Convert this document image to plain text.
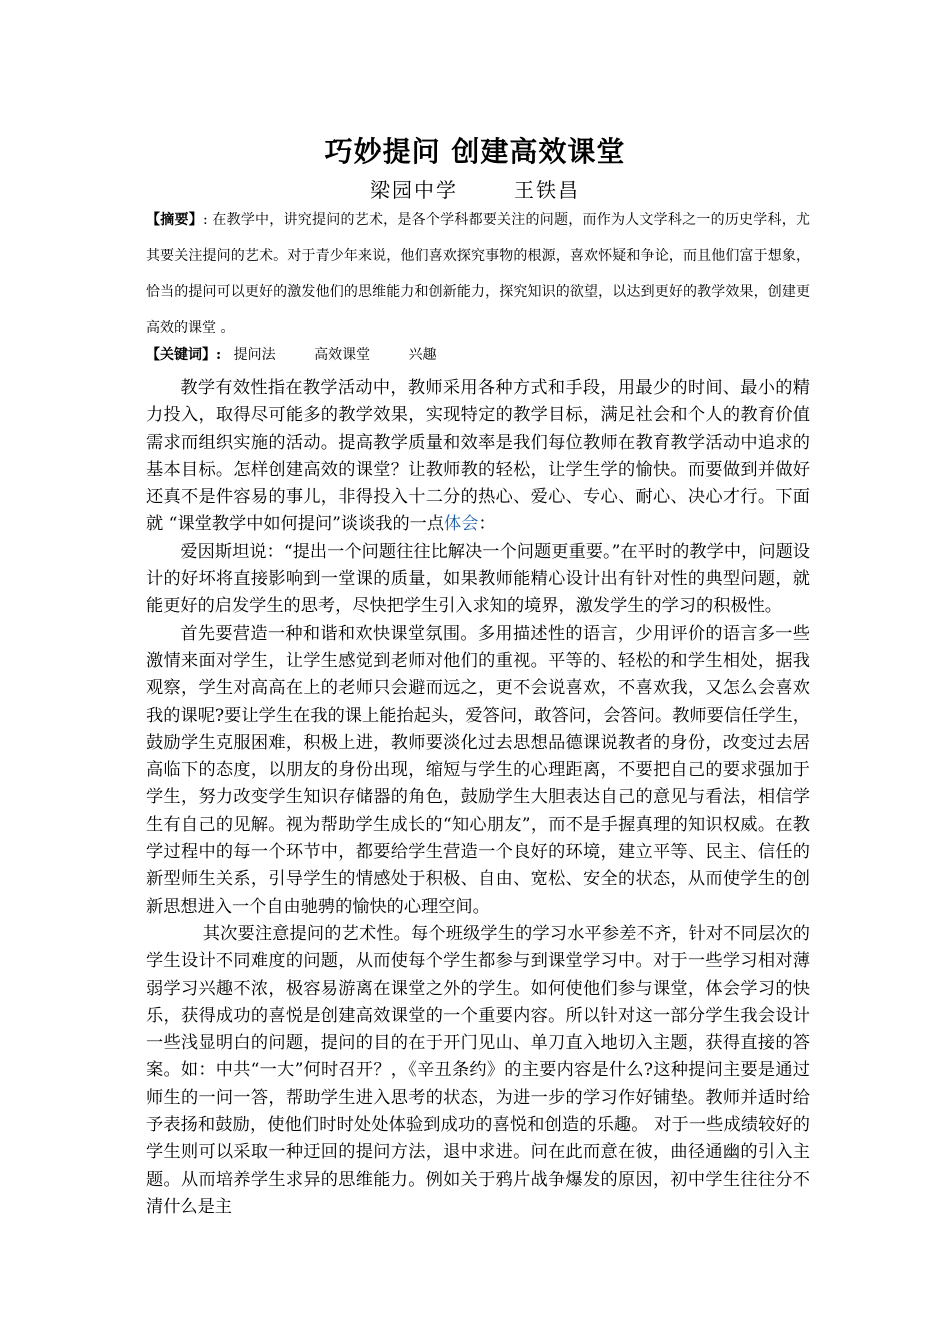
巧妙提问 创建高效课堂
梁园中学	王铁昌
【摘要】: 在教学中，讲究提问的艺术，是各个学科都要关注的问题，而作为人文学科之一的历史学科，尤其要关注提问的艺术。对于青少年来说，他们喜欢探究事物的根源，喜欢怀疑和争论，而且他们富于想象，恰当的提问可以更好的激发他们的思维能力和创新能力，探究知识的欲望，以达到更好的教学效果，创建更高效的课堂 。
【关键词】: 提问法	高效课堂	兴趣

教学有效性指在教学活动中，教师采用各种方式和手段，用最少的时间、最小的精力投入，取得尽可能多的教学效果，实现特定的教学目标，满足社会和个人的教育价值需求而组织实施的活动。提高教学质量和效率是我们每位教师在教育教学活动中追求的基本目标。怎样创建高效的课堂？让教师教的轻松，让学生学的愉快。而要做到并做好还真不是件容易的事儿，非得投入十二分的热心、爱心、专心、耐心、决心才行。下面就 “课堂教学中如何提问”谈谈我的一点体会：

爱因斯坦说：“提出一个问题往往比解决一个问题更重要。”在平时的教学中，问题设计的好坏将直接影响到一堂课的质量，如果教师能精心设计出有针对性的典型问题，就能更好的启发学生的思考，尽快把学生引入求知的境界，激发学生的学习的积极性。

首先要营造一种和谐和欢快课堂氛围。多用描述性的语言，少用评价的语言多一些激情来面对学生，让学生感觉到老师对他们的重视。平等的、轻松的和学生相处，据我观察，学生对高高在上的老师只会避而远之，更不会说喜欢，不喜欢我，又怎么会喜欢我的课呢?要让学生在我的课上能抬起头，爱答问，敢答问，会答问。教师要信任学生，鼓励学生克服困难，积极上进，教师要淡化过去思想品德课说教者的身份，改变过去居高临下的态度，以朋友的身份出现，缩短与学生的心理距离，不要把自己的要求强加于学生，努力改变学生知识存储器的角色，鼓励学生大胆表达自己的意见与看法，相信学生有自己的见解。视为帮助学生成长的“知心朋友”，而不是手握真理的知识权威。在教学过程中的每一个环节中，都要给学生营造一个良好的环境，建立平等、民主、信任的新型师生关系，引导学生的情感处于积极、自由、宽松、安全的状态，从而使学生的创新思想进入一个自由驰骋的愉快的心理空间。

其次要注意提问的艺术性。每个班级学生的学习水平参差不齐，针对不同层次的学生设计不同难度的问题，从而使每个学生都参与到课堂学习中。对于一些学习相对薄弱学习兴趣不浓，极容易游离在课堂之外的学生。如何使他们参与课堂，体会学习的快乐，获得成功的喜悦是创建高效课堂的一个重要内容。所以针对这一部分学生我会设计一些浅显明白的问题，提问的目的在于开门见山、单刀直入地切入主题，获得直接的答案。如：中共“一大”何时召开？，《辛丑条约》的主要内容是什么?这种提问主要是通过师生的一问一答，帮助学生进入思考的状态，为进一步的学习作好铺垫。教师并适时给予表扬和鼓励，使他们时时处处体验到成功的喜悦和创造的乐趣。 对于一些成绩较好的学生则可以采取一种迂回的提问方法，退中求进。问在此而意在彼，曲径通幽的引入主题。从而培养学生求异的思维能力。例如关于鸦片战争爆发的原因，初中学生往往分不清什么是主
